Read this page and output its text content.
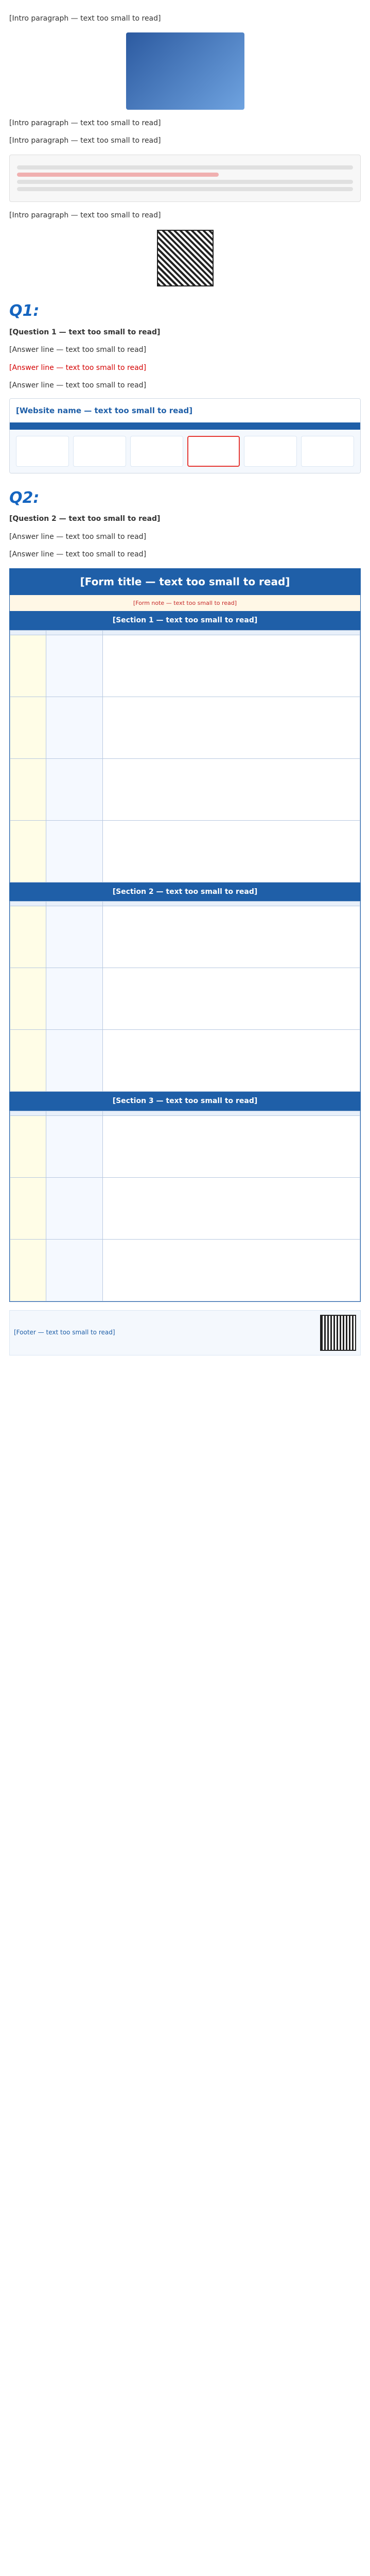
[Intro paragraph — text too small to read]

[Intro paragraph — text too small to read]

[Intro paragraph — text too small to read]

[Intro paragraph — text too small to read]

Q1:
[Question 1 — text too small to read]

[Answer line — text too small to read]

[Answer line — text too small to read]

[Answer line — text too small to read]

[Website name — text too small to read]
Q2:
[Question 2 — text too small to read]

[Answer line — text too small to read]

[Answer line — text too small to read]

[Form title — text too small to read]
[Form note — text too small to read]
[Section 1 — text too small to read]

[Section 2 — text too small to read]

[Section 3 — text too small to read]

[Footer — text too small to read]
